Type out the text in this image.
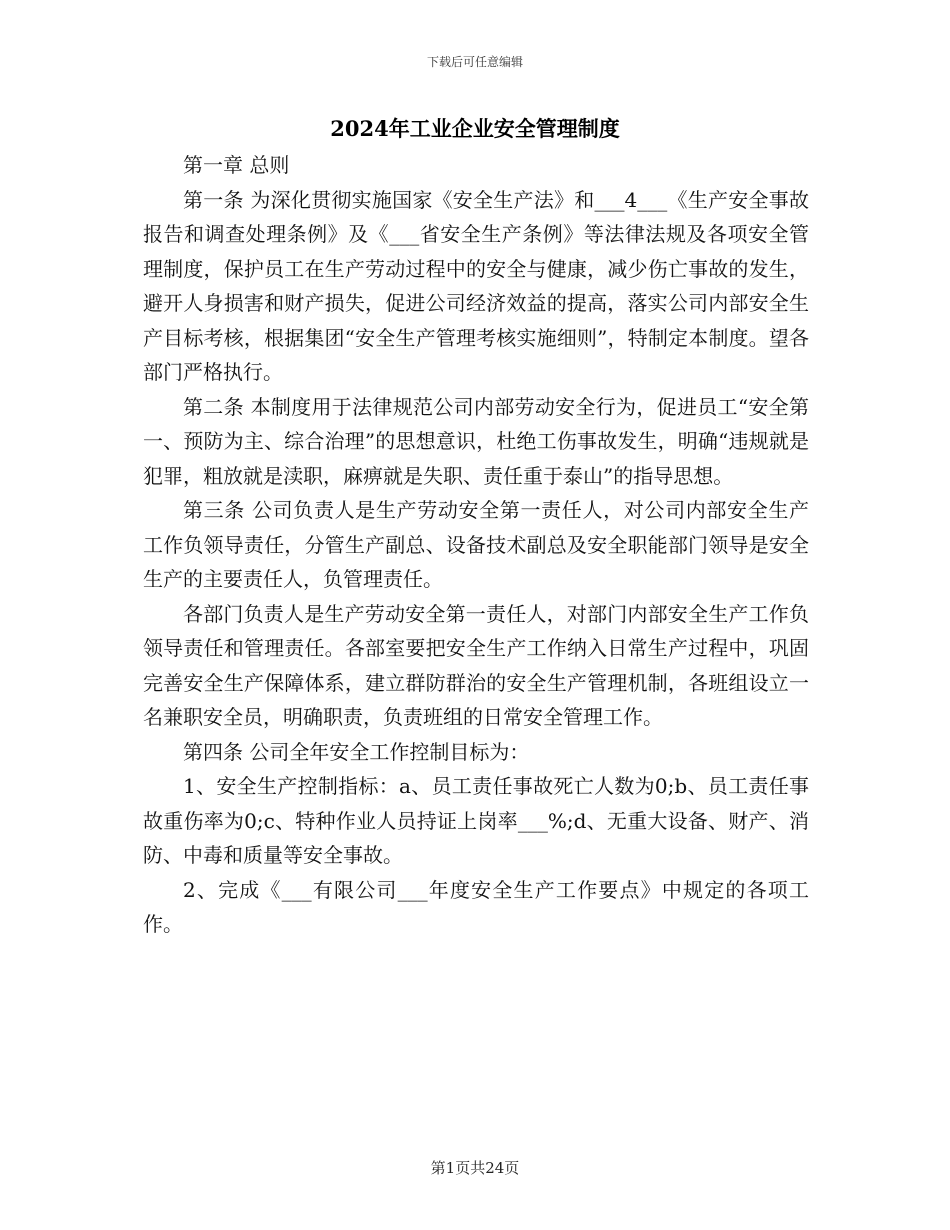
下载后可任意编辑
2024年工业企业安全管理制度

第一章 总则

第一条 为深化贯彻实施国家《安全生产法》和___4___《生产安全事故报告和调查处理条例》及《___省安全生产条例》等法律法规及各项安全管理制度，保护员工在生产劳动过程中的安全与健康，减少伤亡事故的发生，避开人身损害和财产损失，促进公司经济效益的提高，落实公司内部安全生产目标考核，根据集团“安全生产管理考核实施细则”，特制定本制度。望各部门严格执行。

第二条 本制度用于法律规范公司内部劳动安全行为，促进员工“安全第一、预防为主、综合治理”的思想意识，杜绝工伤事故发生，明确“违规就是犯罪，粗放就是渎职，麻痹就是失职、责任重于泰山”的指导思想。

第三条 公司负责人是生产劳动安全第一责任人，对公司内部安全生产工作负领导责任，分管生产副总、设备技术副总及安全职能部门领导是安全生产的主要责任人，负管理责任。

各部门负责人是生产劳动安全第一责任人，对部门内部安全生产工作负领导责任和管理责任。各部室要把安全生产工作纳入日常生产过程中，巩固完善安全生产保障体系，建立群防群治的安全生产管理机制，各班组设立一名兼职安全员，明确职责，负责班组的日常安全管理工作。

第四条 公司全年安全工作控制目标为：

1、安全生产控制指标：a、员工责任事故死亡人数为0;b、员工责任事故重伤率为0;c、特种作业人员持证上岗率___%;d、无重大设备、财产、消防、中毒和质量等安全事故。

2、完成《___有限公司___年度安全生产工作要点》中规定的各项工作。

第1页共24页
